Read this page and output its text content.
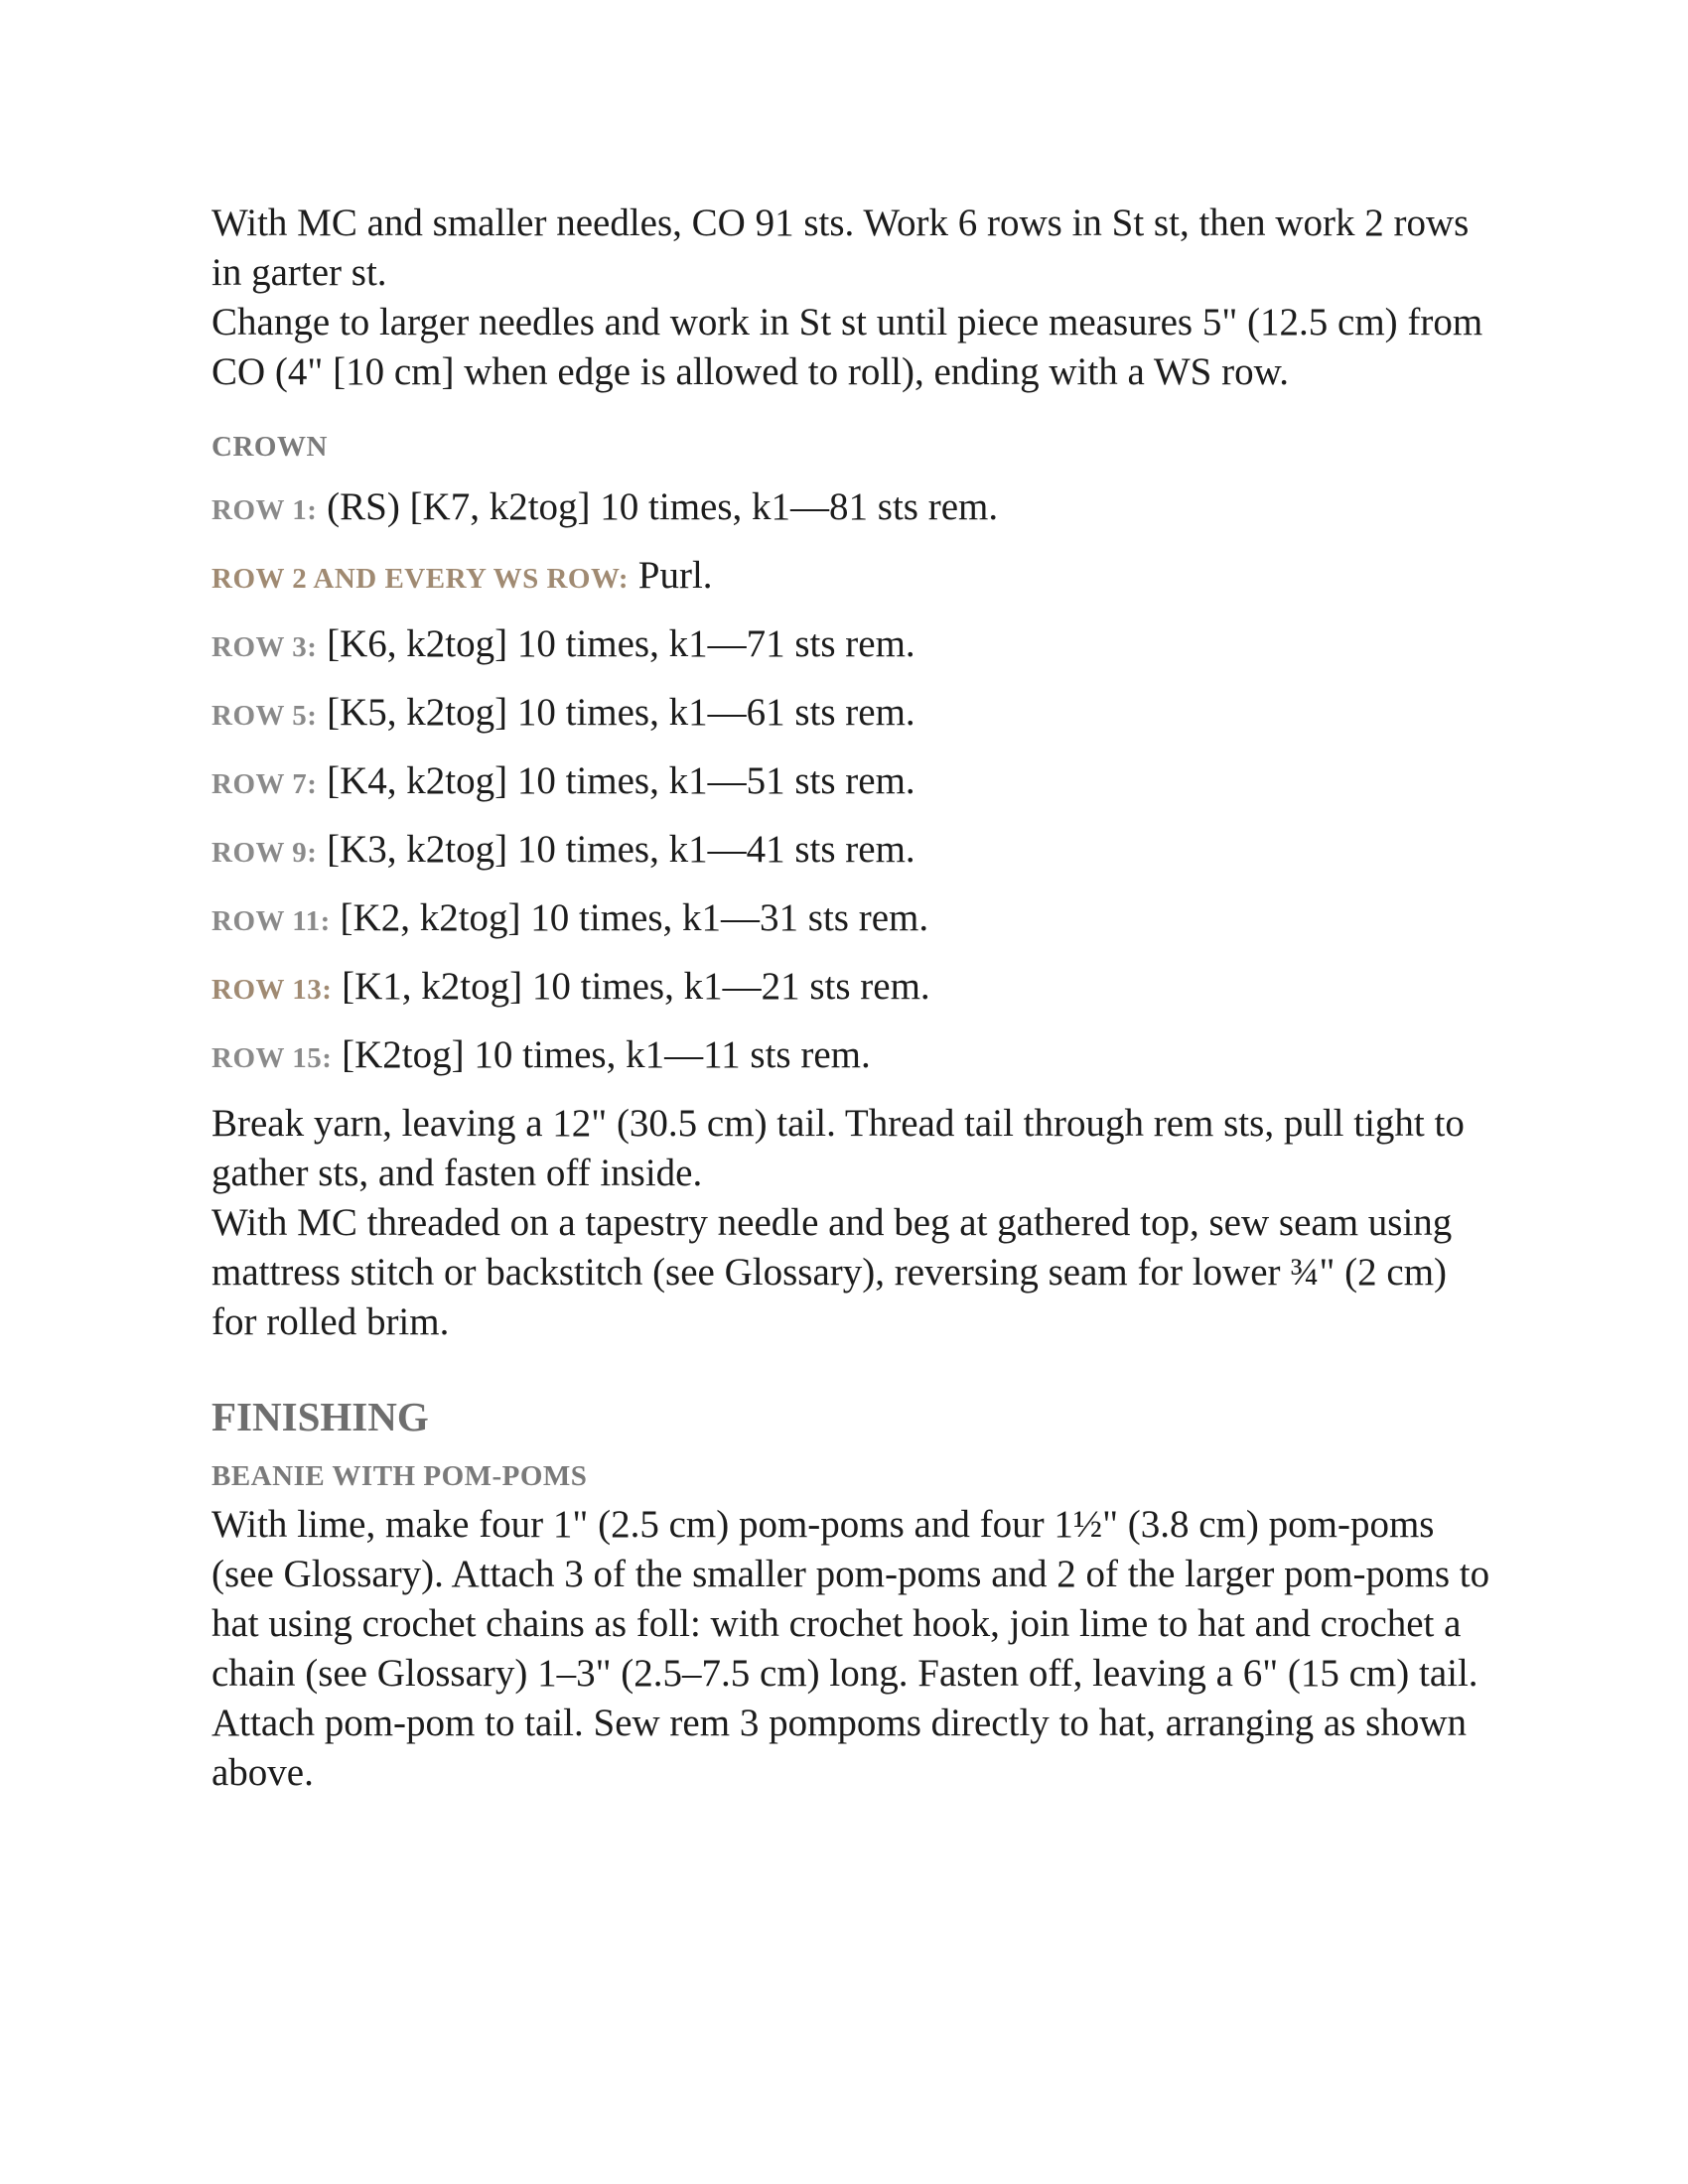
With MC and smaller needles, CO 91 sts. Work 6 rows in St st, then work 2 rows in garter st.

Change to larger needles and work in St st until piece measures 5" (12.5 cm) from CO (4" [10 cm] when edge is allowed to roll), ending with a WS row.

CROWN

ROW 1: (RS) [K7, k2tog] 10 times, k1—81 sts rem.

ROW 2 AND EVERY WS ROW: Purl.

ROW 3: [K6, k2tog] 10 times, k1—71 sts rem.

ROW 5: [K5, k2tog] 10 times, k1—61 sts rem.

ROW 7: [K4, k2tog] 10 times, k1—51 sts rem.

ROW 9: [K3, k2tog] 10 times, k1—41 sts rem.

ROW 11: [K2, k2tog] 10 times, k1—31 sts rem.

ROW 13: [K1, k2tog] 10 times, k1—21 sts rem.

ROW 15: [K2tog] 10 times, k1—11 sts rem.

Break yarn, leaving a 12" (30.5 cm) tail. Thread tail through rem sts, pull tight to gather sts, and fasten off inside.

With MC threaded on a tapestry needle and beg at gathered top, sew seam using mattress stitch or backstitch (see Glossary), reversing seam for lower ¾" (2 cm) for rolled brim.

FINISHING

BEANIE WITH POM-POMS

With lime, make four 1" (2.5 cm) pom-poms and four 1½" (3.8 cm) pom-poms (see Glossary). Attach 3 of the smaller pom-poms and 2 of the larger pom-poms to hat using crochet chains as foll: with crochet hook, join lime to hat and crochet a chain (see Glossary) 1–3" (2.5–7.5 cm) long. Fasten off, leaving a 6" (15 cm) tail. Attach pom-pom to tail. Sew rem 3 pompoms directly to hat, arranging as shown above.
